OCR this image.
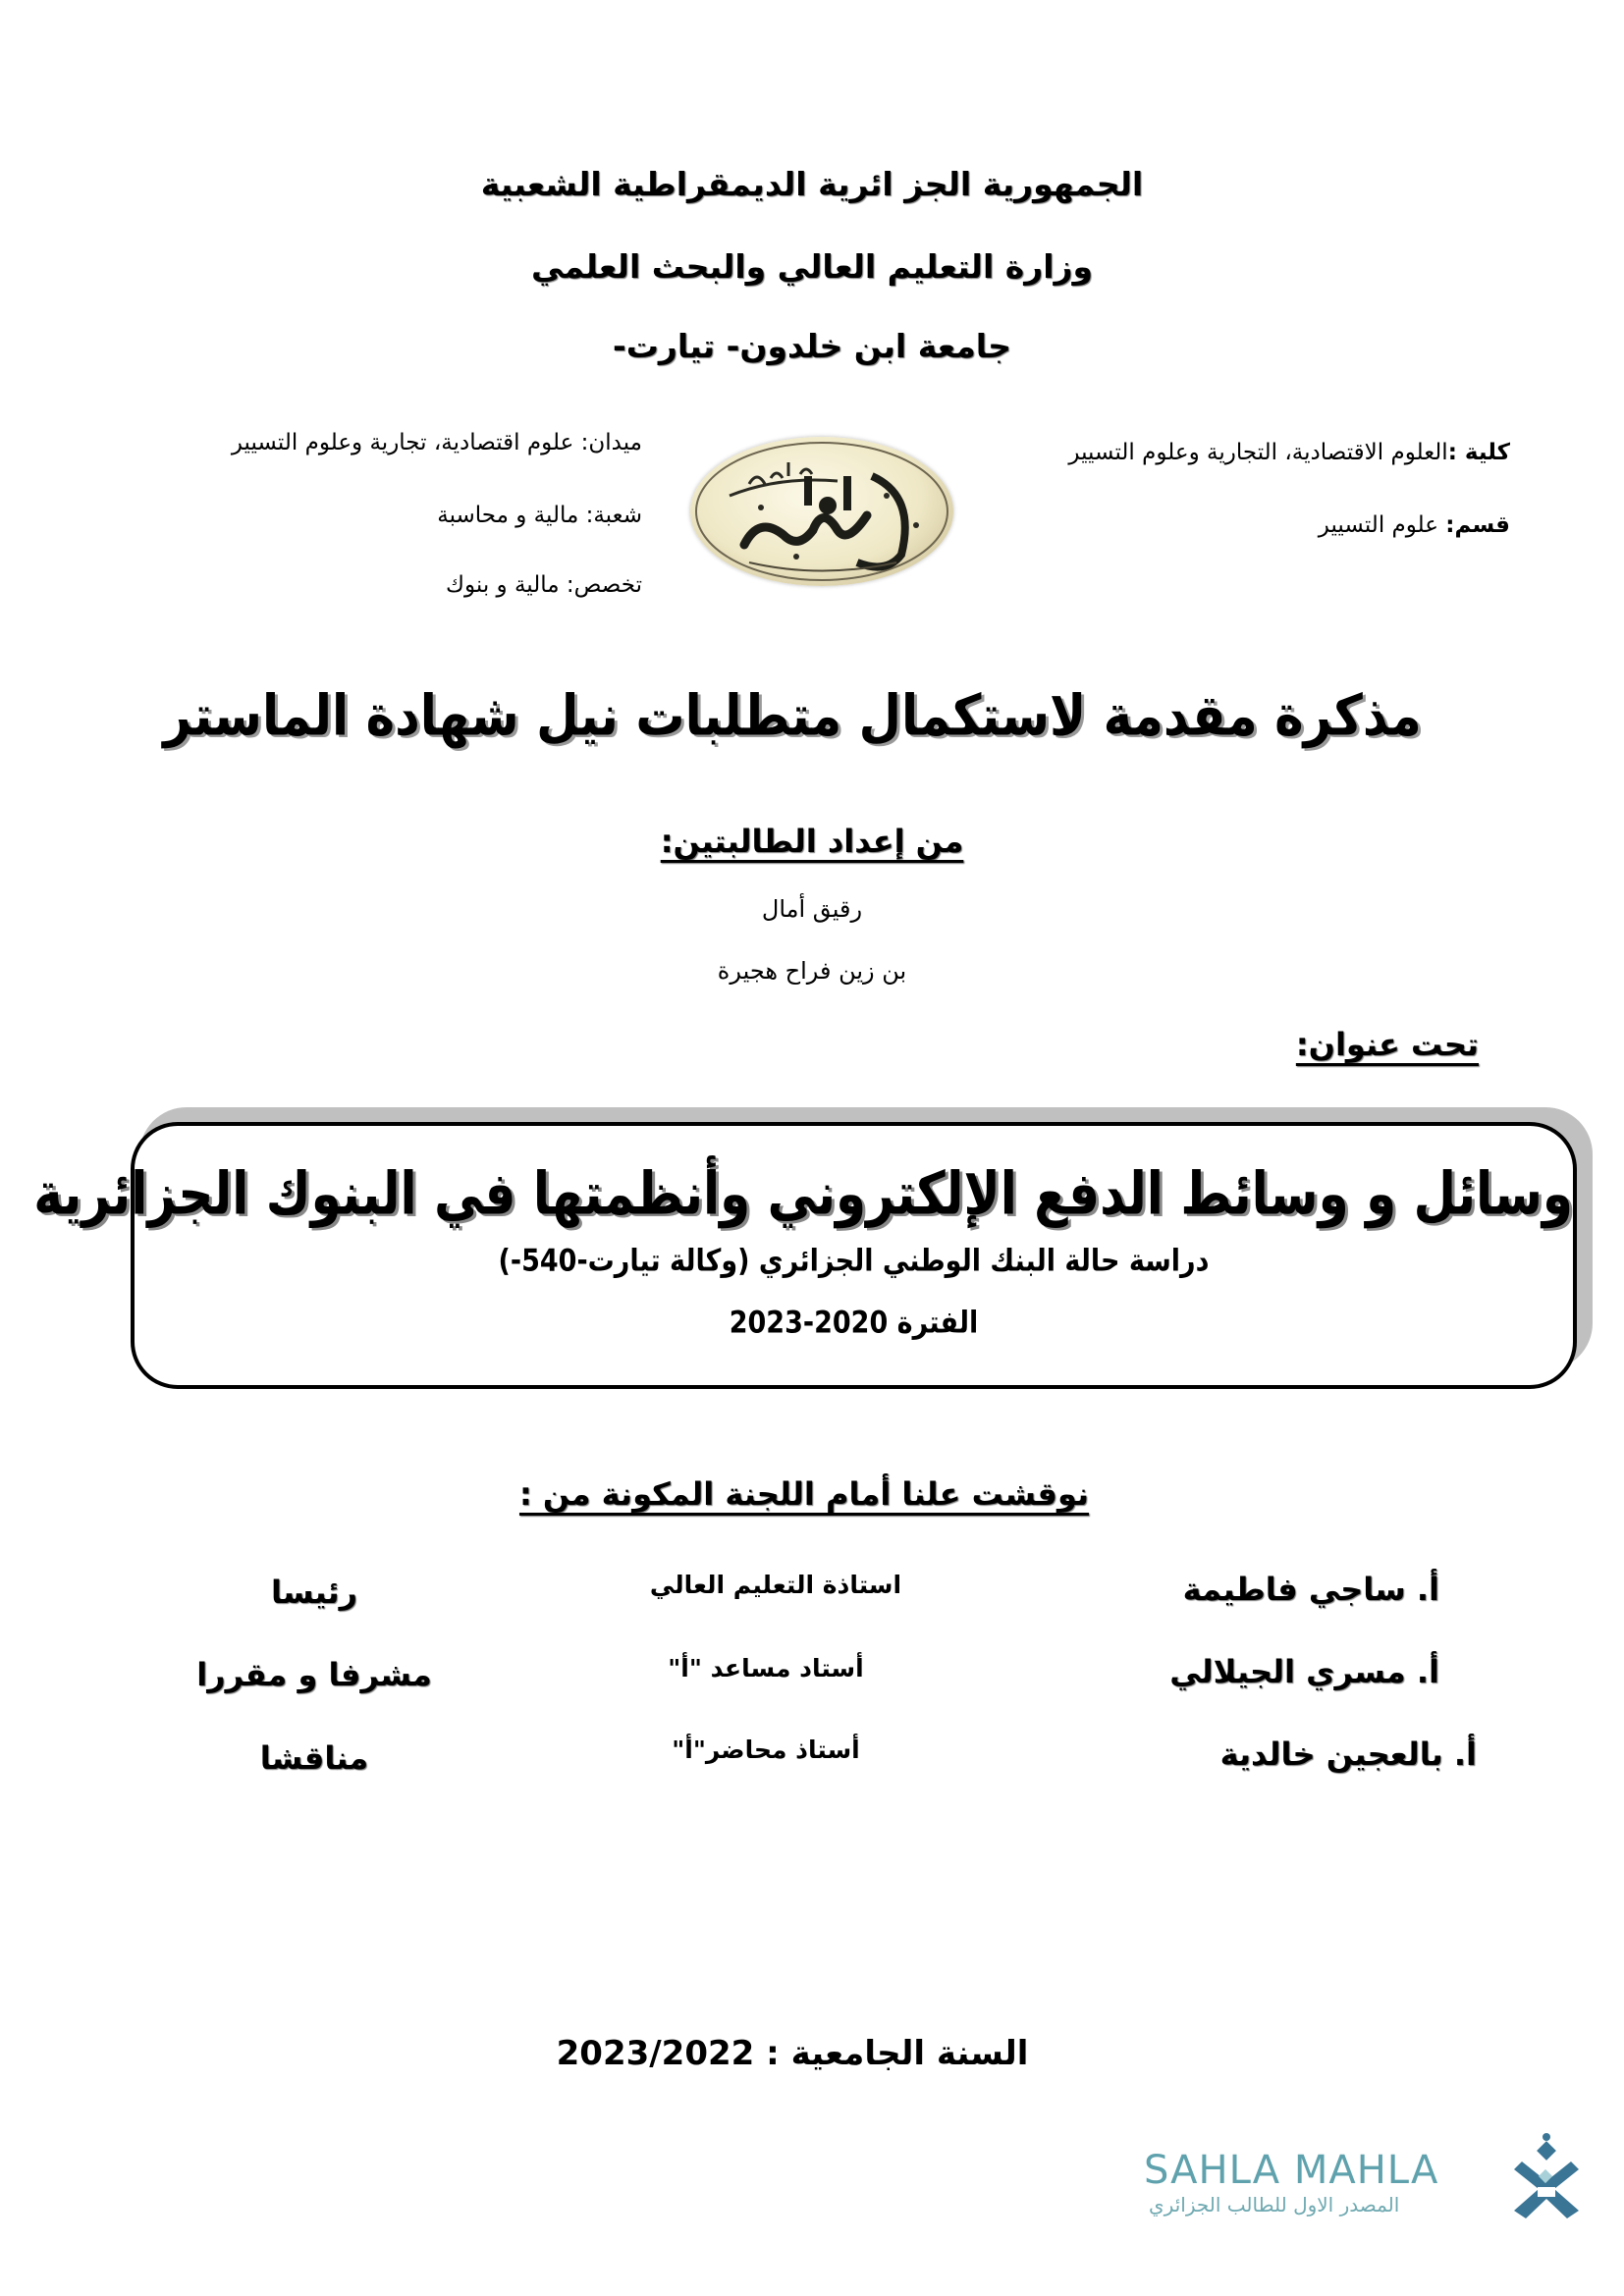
الجمهورية الجز ائرية الديمقراطية الشعبية
وزارة التعليم العالي والبحث العلمي
جامعة ابن خلدون- تيارت-
كلية :العلوم الاقتصادية، التجارية وعلوم التسيير
قسم: علوم التسيير
ميدان: علوم اقتصادية، تجارية وعلوم التسيير
شعبة: مالية و محاسبة
تخصص: مالية و بنوك
مذكرة مقدمة لاستكمال متطلبات نيل شهادة الماستر
من إعداد الطالبتين:
رقيق أمال
بن زين فراح هجيرة
تحت عنوان:
وسائل و وسائط الدفع الإلكتروني وأنظمتها في البنوك الجزائرية
دراسة حالة البنك الوطني الجزائري (وكالة تيارت-540-)
الفترة 2020-2023
نوقشت علنا أمام اللجنة المكونة من :
أ. ساجي فاطيمة
استاذة التعليم العالي
رئيسا
أ. مسري الجيلالي
أستاد مساعد "أ"
مشرفا و مقررا
أ. بالعجين خالدية
أستاذ محاضر"أ"
مناقشا
السنة الجامعية : 2023/2022
SAHLA MAHLA
المصدر الاول للطالب الجزائري
